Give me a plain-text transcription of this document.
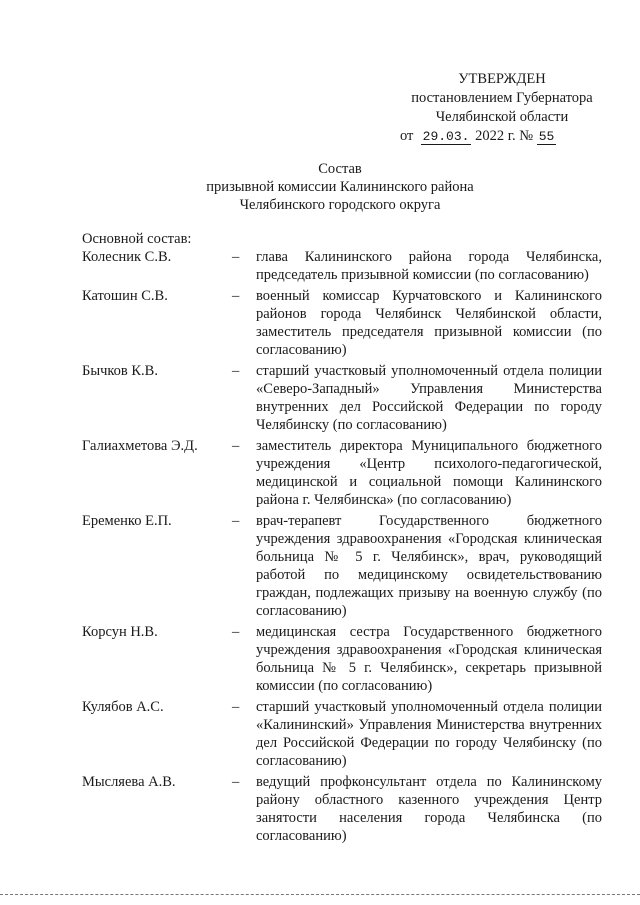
УТВЕРЖДЕН
постановлением Губернатора
Челябинской области
от 29.03. 2022 г. № 55
Состав
призывной комиссии Калининского района
Челябинского городского округа
Основной состав:
Колесник С.В.	–	глава Калининского района города Челябинска, председатель призывной комиссии (по согласованию)
Катошин С.В.	–	военный комиссар Курчатовского и Калининского районов города Челябинск Челябинской области, заместитель председателя призывной комиссии (по согласованию)
Бычков К.В.	–	старший участковый уполномоченный отдела полиции «Северо-Западный» Управления Министерства внутренних дел Российской Федерации по городу Челябинску (по согласованию)
Галиахметова Э.Д.	–	заместитель директора Муниципального бюджетного учреждения «Центр психолого-педагогической, медицинской и социальной помощи Калининского района г. Челябинска» (по согласованию)
Еременко Е.П.	–	врач-терапевт Государственного бюджетного учреждения здравоохранения «Городская клиническая больница № 5 г. Челябинск», врач, руководящий работой по медицинскому освидетельствованию граждан, подлежащих призыву на военную службу (по согласованию)
Корсун Н.В.	–	медицинская сестра Государственного бюджетного учреждения здравоохранения «Городская клиническая больница № 5 г. Челябинск», секретарь призывной комиссии (по согласованию)
Кулябов А.С.	–	старший участковый уполномоченный отдела полиции «Калининский» Управления Министерства внутренних дел Российской Федерации по городу Челябинску (по согласованию)
Мысляева А.В.	–	ведущий профконсультант отдела по Калининскому району областного казенного учреждения Центр занятости населения города Челябинска (по согласованию)
